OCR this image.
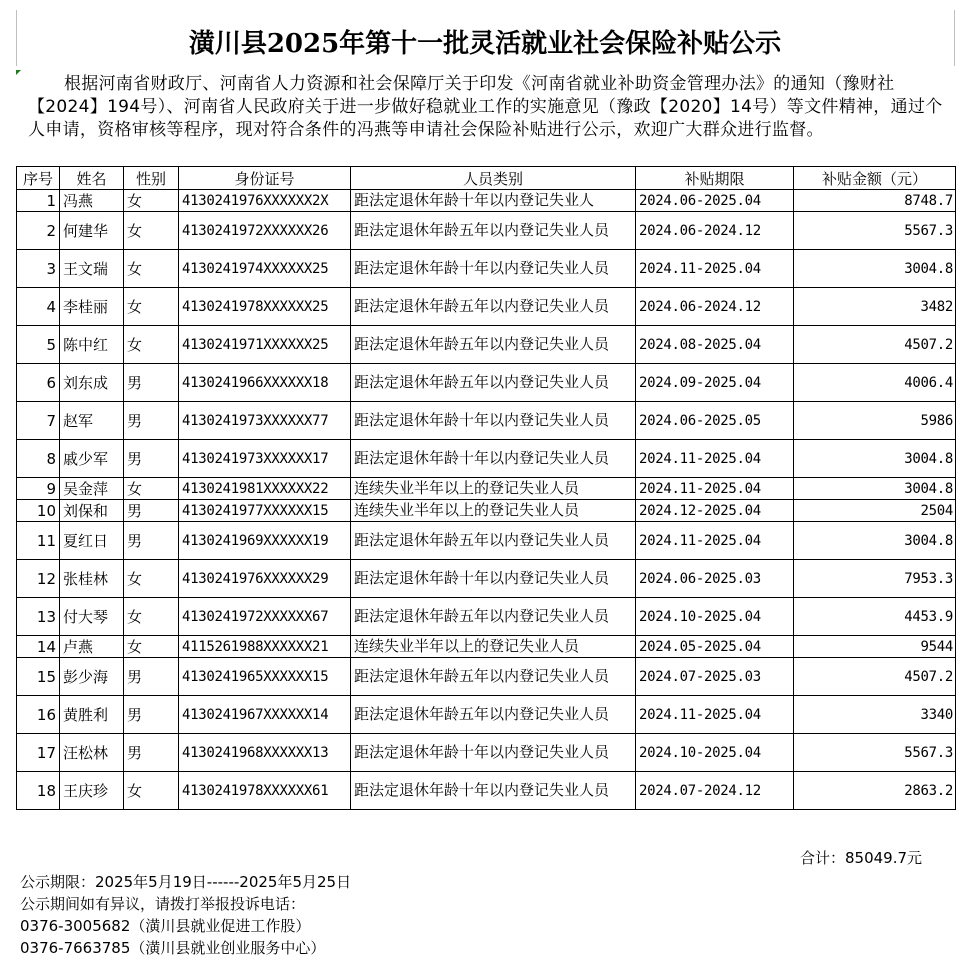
潢川县2025年第十一批灵活就业社会保险补贴公示
根据河南省财政厅、河南省人力资源和社会保障厅关于印发《河南省就业补助资金管理办法》的通知（豫财社【2024】194号）、河南省人民政府关于进一步做好稳就业工作的实施意见（豫政【2020】14号）等文件精神，通过个人申请，资格审核等程序，现对符合条件的冯燕等申请社会保险补贴进行公示，欢迎广大群众进行监督。
序号	姓名	性别	身份证号	人员类别	补贴期限	补贴金额（元）
1	冯燕	女	4130241976XXXXXX2X	距法定退休年龄十年以内登记失业人	2024.06-2025.04	8748.7
2	何建华	女	4130241972XXXXXX26	距法定退休年龄五年以内登记失业人员	2024.06-2024.12	5567.3
3	王文瑞	女	4130241974XXXXXX25	距法定退休年龄十年以内登记失业人员	2024.11-2025.04	3004.8
4	李桂丽	女	4130241978XXXXXX25	距法定退休年龄五年以内登记失业人员	2024.06-2024.12	3482
5	陈中红	女	4130241971XXXXXX25	距法定退休年龄五年以内登记失业人员	2024.08-2025.04	4507.2
6	刘东成	男	4130241966XXXXXX18	距法定退休年龄五年以内登记失业人员	2024.09-2025.04	4006.4
7	赵军	男	4130241973XXXXXX77	距法定退休年龄十年以内登记失业人员	2024.06-2025.05	5986
8	戚少军	男	4130241973XXXXXX17	距法定退休年龄十年以内登记失业人员	2024.11-2025.04	3004.8
9	吴金萍	女	4130241981XXXXXX22	连续失业半年以上的登记失业人员	2024.11-2025.04	3004.8
10	刘保和	男	4130241977XXXXXX15	连续失业半年以上的登记失业人员	2024.12-2025.04	2504
11	夏红日	男	4130241969XXXXXX19	距法定退休年龄五年以内登记失业人员	2024.11-2025.04	3004.8
12	张桂林	女	4130241976XXXXXX29	距法定退休年龄十年以内登记失业人员	2024.06-2025.03	7953.3
13	付大琴	女	4130241972XXXXXX67	距法定退休年龄五年以内登记失业人员	2024.10-2025.04	4453.9
14	卢燕	女	4115261988XXXXXX21	连续失业半年以上的登记失业人员	2024.05-2025.04	9544
15	彭少海	男	4130241965XXXXXX15	距法定退休年龄五年以内登记失业人员	2024.07-2025.03	4507.2
16	黄胜利	男	4130241967XXXXXX14	距法定退休年龄五年以内登记失业人员	2024.11-2025.04	3340
17	汪松林	男	4130241968XXXXXX13	距法定退休年龄十年以内登记失业人员	2024.10-2025.04	5567.3
18	王庆珍	女	4130241978XXXXXX61	距法定退休年龄十年以内登记失业人员	2024.07-2024.12	2863.2
合计：85049.7元
公示期限：2025年5月19日------2025年5月25日
公示期间如有异议，请拨打举报投诉电话：
0376-3005682（潢川县就业促进工作股）
0376-7663785（潢川县就业创业服务中心）
